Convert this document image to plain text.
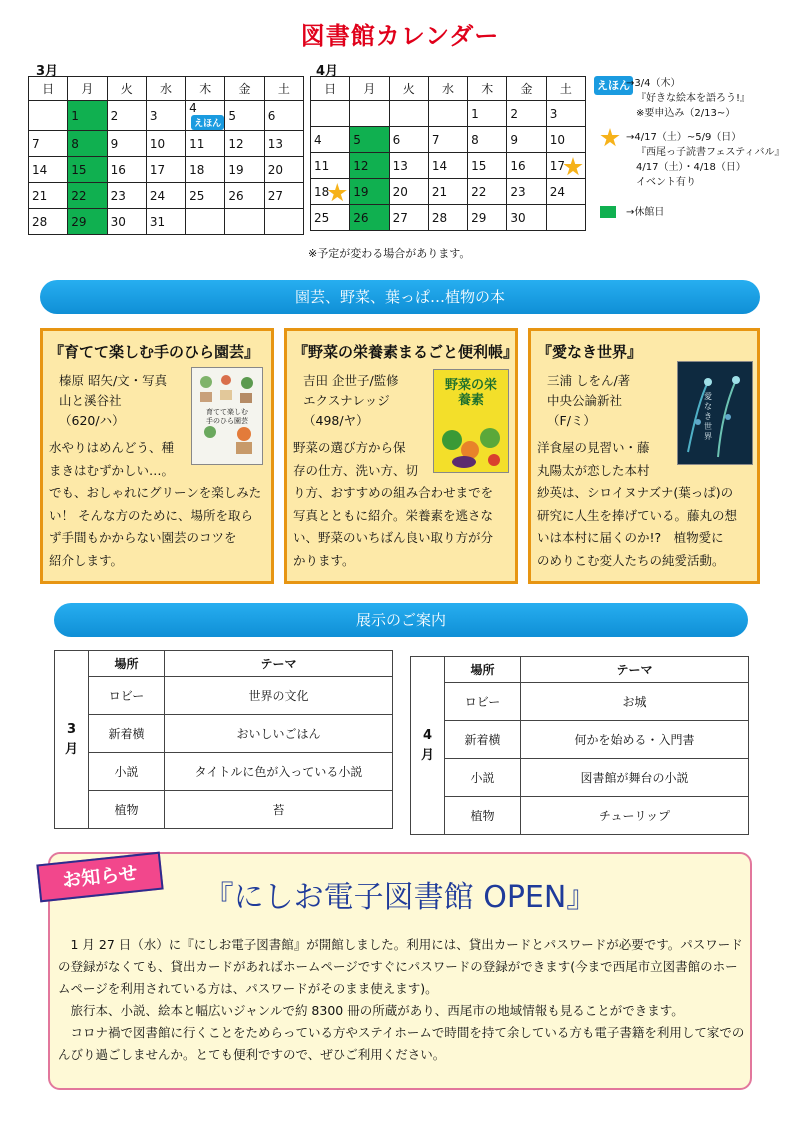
図書館カレンダー
3月
日	月	火	水	木	金	土
	1	2	3	4えほん	5	6
7	8	9	10	11	12	13
14	15	16	17	18	19	20
21	22	23	24	25	26	27
28	29	30	31			
4月
日	月	火	水	木	金	土
				1	2	3
4	5	6	7	8	9	10
11	12	13	14	15	16	17

18	19	20	21	22	23	24
25	26	27	28	29	30	
※予定が変わる場合があります。
えほん
→3/4（木）
『好きな絵本を語ろう!』
※要申込み（2/13~）
→4/17（土）~5/9（日）
『西尾っ子読書フェスティバル』
4/17（土）・4/18（日）
イベント有り
→休館日
園芸、野菜、葉っぱ…植物の本
『育てて楽しむ手のひら園芸』
榛原 昭矢/文・写真
山と溪谷社
（620/ハ）
育てて楽しむ 手のひら園芸
水やりはめんどう、種
まきはむずかしい…。
でも、おしゃれにグリーンを楽しみた
い！ そんな方のために、場所を取ら
ず手間もかからない園芸のコツを
紹介します。
『野菜の栄養素まるごと便利帳』
吉田 企世子/監修
エクスナレッジ
（498/ヤ）
野菜の栄養素
野菜の選び方から保
存の仕方、洗い方、切
り方、おすすめの組み合わせまでを
写真とともに紹介。栄養素を逃さな
い、野菜のいちばん良い取り方が分
かります。
『愛なき世界』
三浦 しをん/著
中央公論新社
（F/ミ）
愛なき世界
洋食屋の見習い・藤
丸陽太が恋した本村
紗英は、シロイヌナズナ(葉っぱ)の
研究に人生を捧げている。藤丸の想
いは本村に届くのか!?　植物愛に
のめりこむ変人たちの純愛活動。
展示のご案内
3
月	場所	テーマ
	ロビー	世界の文化
	新着横	おいしいごはん
	小説	タイトルに色が入っている小説
	植物	苔
4
月	場所	テーマ
	ロビー	お城
	新着横	何かを始める・入門書
	小説	図書館が舞台の小説
	植物	チューリップ
お知らせ
『にしお電子図書館 OPEN』

1 月 27 日（水）に『にしお電子図書館』が開館しました。利用には、貸出カードとパスワードが必要です。パスワードの登録がなくても、貸出カードがあればホームページですぐにパスワードの登録ができます(今まで西尾市立図書館のホームページを利用されている方は、パスワードがそのまま使えます)。

旅行本、小説、絵本と幅広いジャンルで約 8300 冊の所蔵があり、西尾市の地域情報も見ることができます。

コロナ禍で図書館に行くことをためらっている方やステイホームで時間を持て余している方も電子書籍を利用して家でのんびり過ごしませんか。とても便利ですので、ぜひご利用ください。
